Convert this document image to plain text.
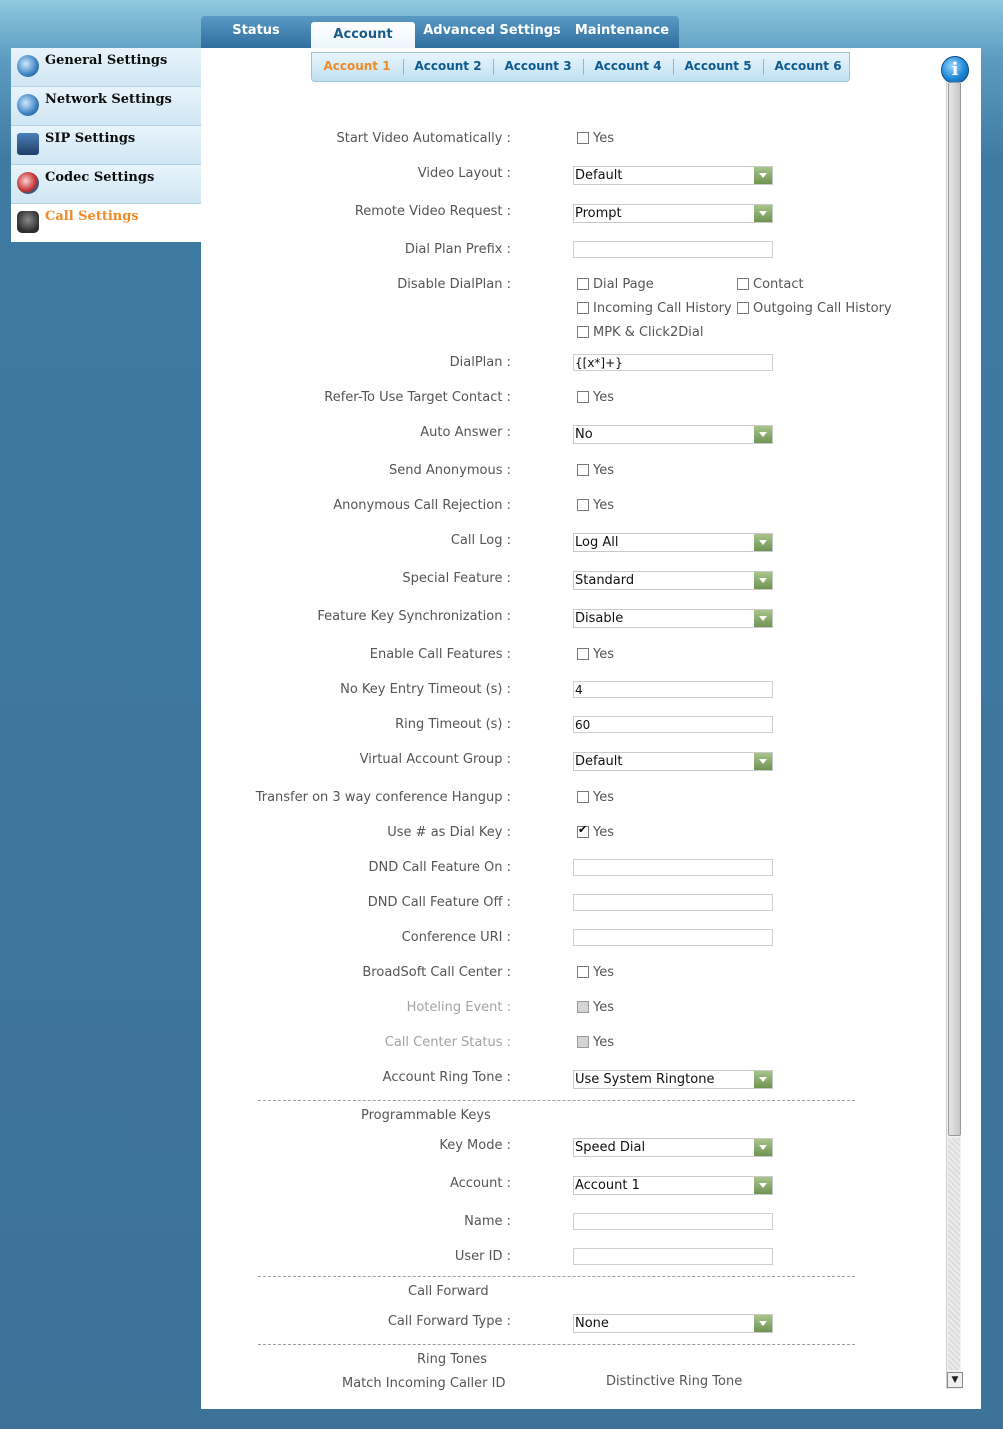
Status	Account	Advanced Settings	Maintenance
General Settings
Network Settings
SIP Settings
Codec Settings
Call Settings
Account 1	Account 2	Account 3	Account 4	Account 5	Account 6	i
Start Video Automatically :	Yes
Video Layout :	Default
Remote Video Request :	Prompt
Dial Plan Prefix :
Disable DialPlan :	Dial Page	Contact
Incoming Call History Outgoing Call History
MPK & Click2Dial
DialPlan :
{[x*]+}
Refer-To Use Target Contact :	Yes
Auto Answer :	No
Send Anonymous :	Yes
Anonymous Call Rejection :	Yes
Call Log :	Log All
Special Feature :	Standard
Feature Key Synchronization :	Disable
Enable Call Features :	Yes
No Key Entry Timeout (s) :
4
Ring Timeout (s) :
60
Virtual Account Group :	Default
Transfer on 3 way conference Hangup :	Yes
Use # as Dial Key :
✔	Yes
DND Call Feature On :
DND Call Feature Off :
Conference URI :
BroadSoft Call Center :	Yes
Hoteling Event :	Yes
Call Center Status :	Yes
Account Ring Tone :	Use System Ringtone
Programmable Keys
Key Mode :	Speed Dial
Account :	Account 1
Name :
User ID :
Call Forward
Call Forward Type :	None
Ring Tones
Match Incoming Caller ID	Distinctive Ring Tone	▼
